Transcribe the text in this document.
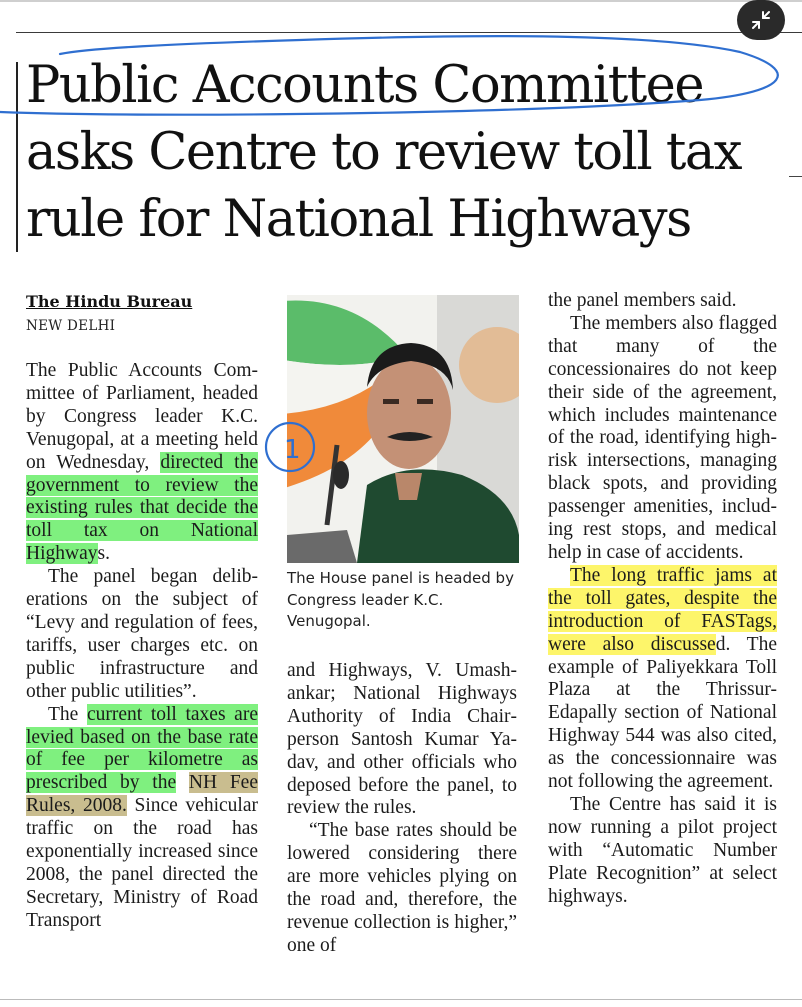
Public Accounts Committee
asks Centre to review toll tax
rule for National Highways
The Hindu Bureau
NEW DELHI

The Public Accounts Committee of Parliament, headed by Congress leader K.C. Venugopal, at a meeting held on Wednesday, directed the government to review the existing rules that decide the toll tax on National Highways.

The panel began deliberations on the subject of “Levy and regulation of fees, tariffs, user charges etc. on public infrastructure and other public utilities”.

The current toll taxes are levied based on the base rate of fee per kilometre as prescribed by the NH Fee Rules, 2008. Since vehicular traffic on the road has exponentially increased since 2008, the panel directed the Secretary, Ministry of Road Transport

The House panel is headed by Congress leader K.C. Venugopal.

and Highways, V. Umashankar; National Highways Authority of India Chairperson Santosh Kumar Yadav, and other officials who deposed before the panel, to review the rules.

“The base rates should be lowered considering there are more vehicles plying on the road and, therefore, the revenue collection is higher,” one of

the panel members said.

The members also flagged that many of the concessionaires do not keep their side of the agreement, which includes maintenance of the road, identifying high-risk intersections, managing black spots, and providing passenger amenities, including rest stops, and medical help in case of accidents.

The long traffic jams at the toll gates, despite the introduction of FASTags, were also discussed. The example of Paliyekkara Toll Plaza at the Thrissur-Edapally section of National Highway 544 was also cited, as the concessionnaire was not following the agreement.

The Centre has said it is now running a pilot project with “Automatic Number Plate Recognition” at select highways.

1
